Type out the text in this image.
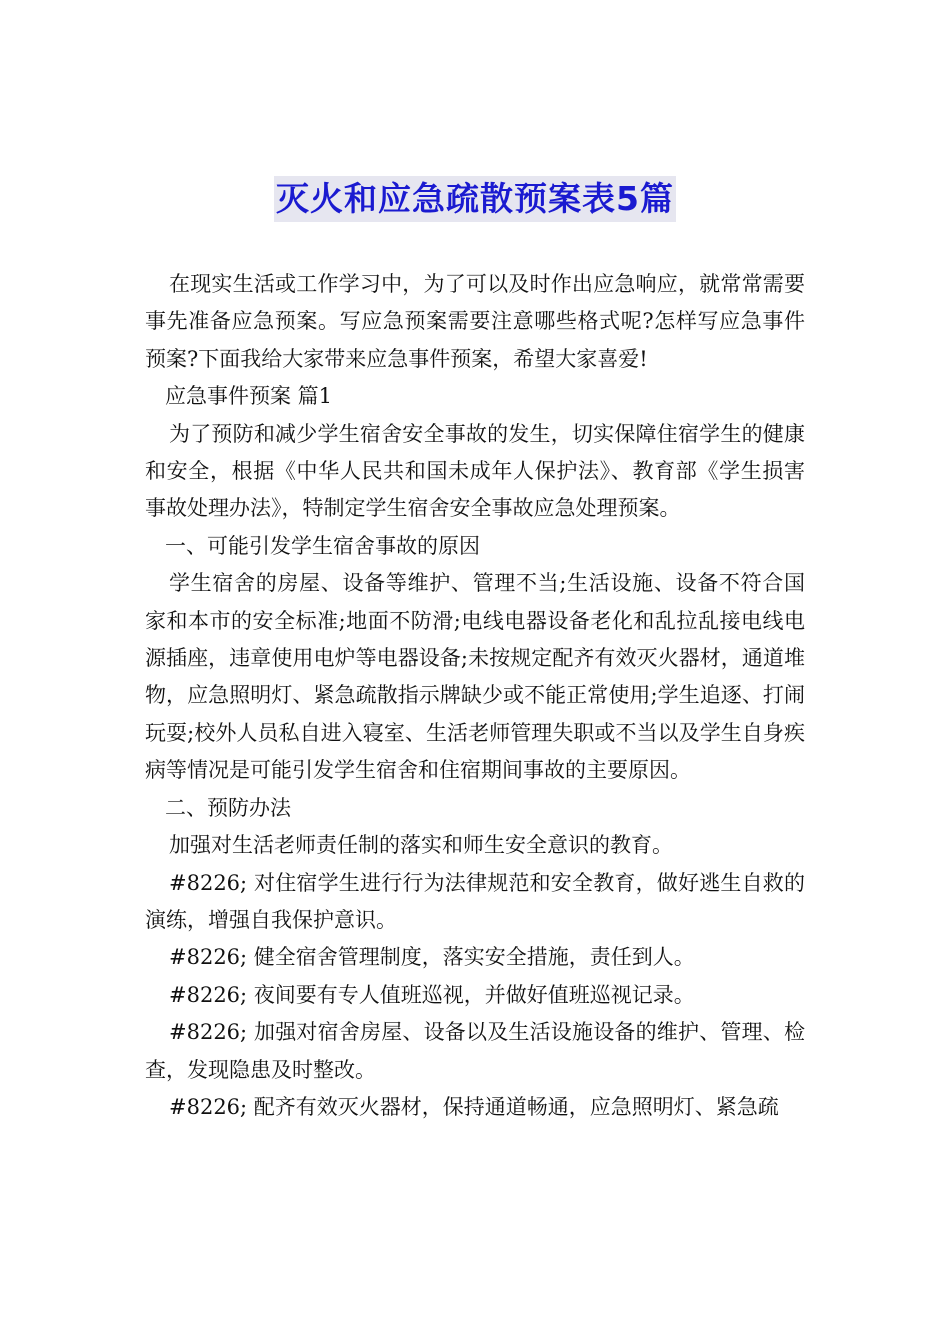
灭火和应急疏散预案表5篇

在现实生活或工作学习中，为了可以及时作出应急响应，就常常需要事先准备应急预案。写应急预案需要注意哪些格式呢?怎样写应急事件预案?下面我给大家带来应急事件预案，希望大家喜爱!

应急事件预案 篇1

为了预防和减少学生宿舍安全事故的发生，切实保障住宿学生的健康和安全，根据《中华人民共和国未成年人保护法》、教育部《学生损害事故处理办法》，特制定学生宿舍安全事故应急处理预案。

一、可能引发学生宿舍事故的原因

学生宿舍的房屋、设备等维护、管理不当;生活设施、设备不符合国家和本市的安全标准;地面不防滑;电线电器设备老化和乱拉乱接电线电源插座，违章使用电炉等电器设备;未按规定配齐有效灭火器材，通道堆物，应急照明灯、紧急疏散指示牌缺少或不能正常使用;学生追逐、打闹玩耍;校外人员私自进入寝室、生活老师管理失职或不当以及学生自身疾病等情况是可能引发学生宿舍和住宿期间事故的主要原因。

二、预防办法

加强对生活老师责任制的落实和师生安全意识的教育。

#8226; 对住宿学生进行行为法律规范和安全教育，做好逃生自救的演练，增强自我保护意识。

#8226; 健全宿舍管理制度，落实安全措施，责任到人。

#8226; 夜间要有专人值班巡视，并做好值班巡视记录。

#8226; 加强对宿舍房屋、设备以及生活设施设备的维护、管理、检查，发现隐患及时整改。

#8226; 配齐有效灭火器材，保持通道畅通，应急照明灯、紧急疏
